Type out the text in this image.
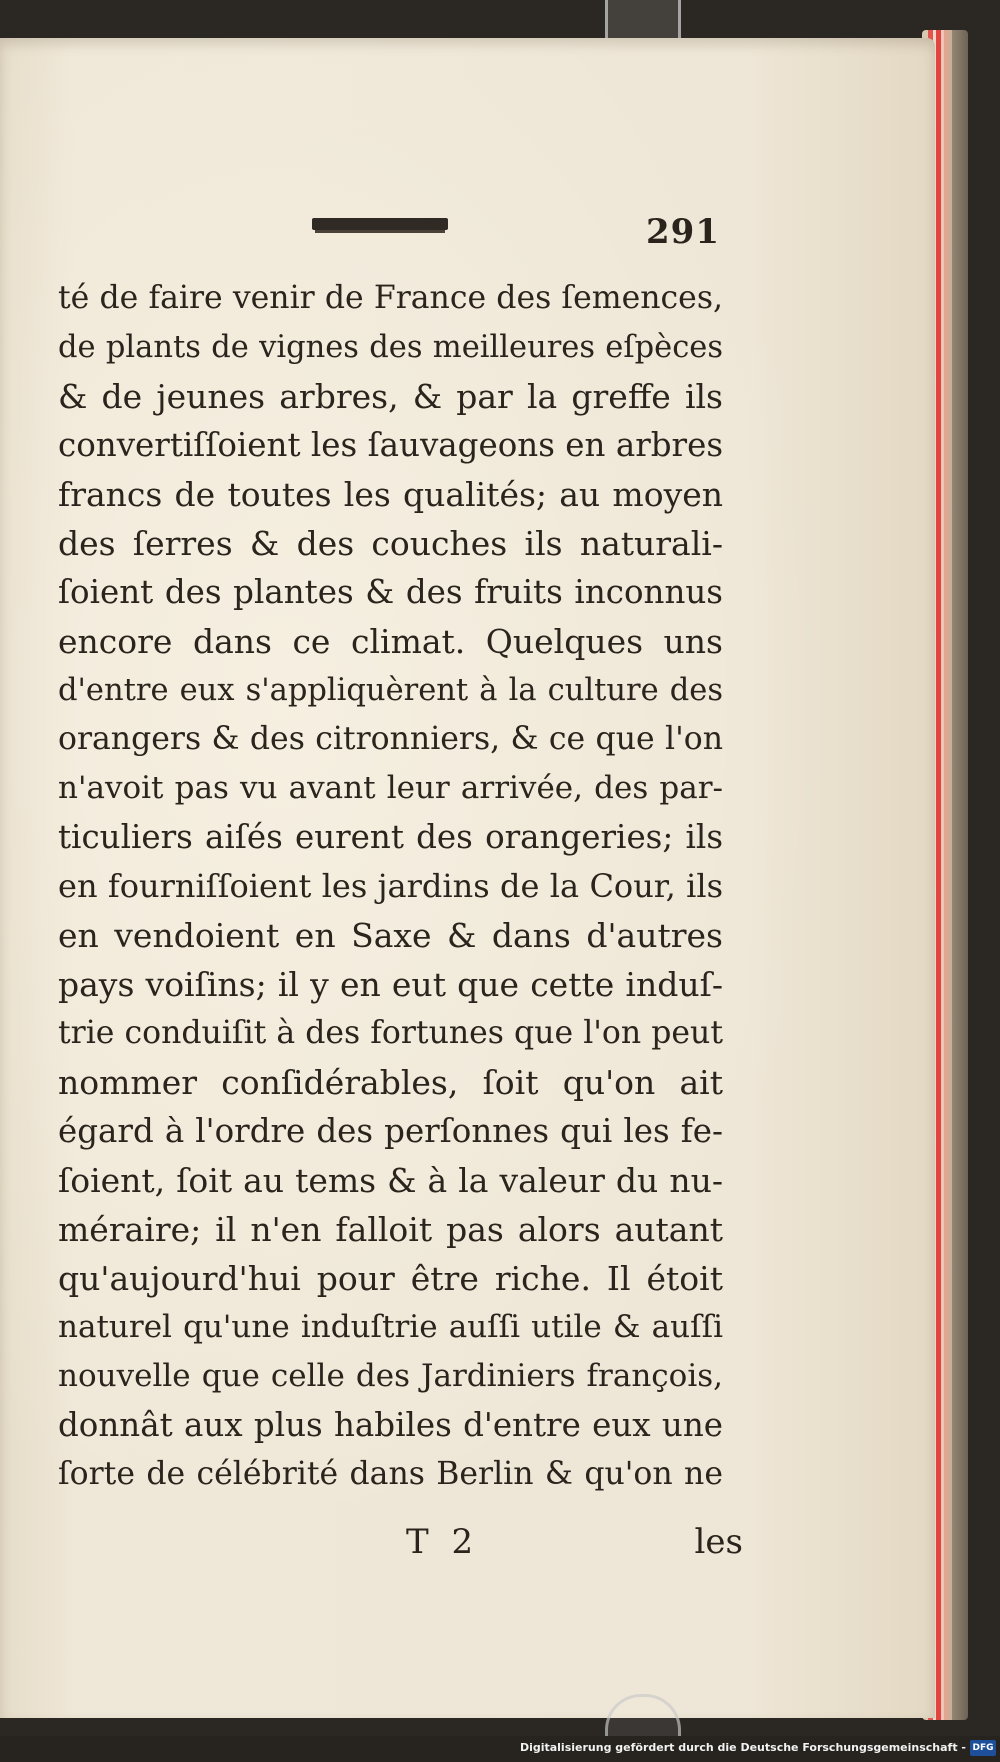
291
té de faire venir de France des ſemences,
de plants de vignes des meilleures eſpèces
& de jeunes arbres, & par la greffe ils
convertiſſoient les ſauvageons en arbres
francs de toutes les qualités; au moyen
des ſerres & des couches ils naturali-
ſoient des plantes & des fruits inconnus
encore dans ce climat. Quelques uns
d'entre eux s'appliquèrent à la culture des
orangers & des citronniers, & ce que l'on
n'avoit pas vu avant leur arrivée, des par-
ticuliers aiſés eurent des orangeries; ils
en fourniſſoient les jardins de la Cour, ils
en vendoient en Saxe & dans d'autres
pays voiſins; il y en eut que cette induſ-
trie conduiſit à des fortunes que l'on peut
nommer conſidérables, ſoit qu'on ait
égard à l'ordre des perſonnes qui les fe-
ſoient, ſoit au tems & à la valeur du nu-
méraire; il n'en falloit pas alors autant
qu'aujourd'hui pour être riche. Il étoit
naturel qu'une induſtrie auſſi utile & auſſi
nouvelle que celle des Jardiniers françois,
donnât aux plus habiles d'entre eux une
ſorte de célébrité dans Berlin & qu'on ne
T 2	les
Digitalisierung gefördert durch die Deutsche Forschungsgemeinschaft - DFG
